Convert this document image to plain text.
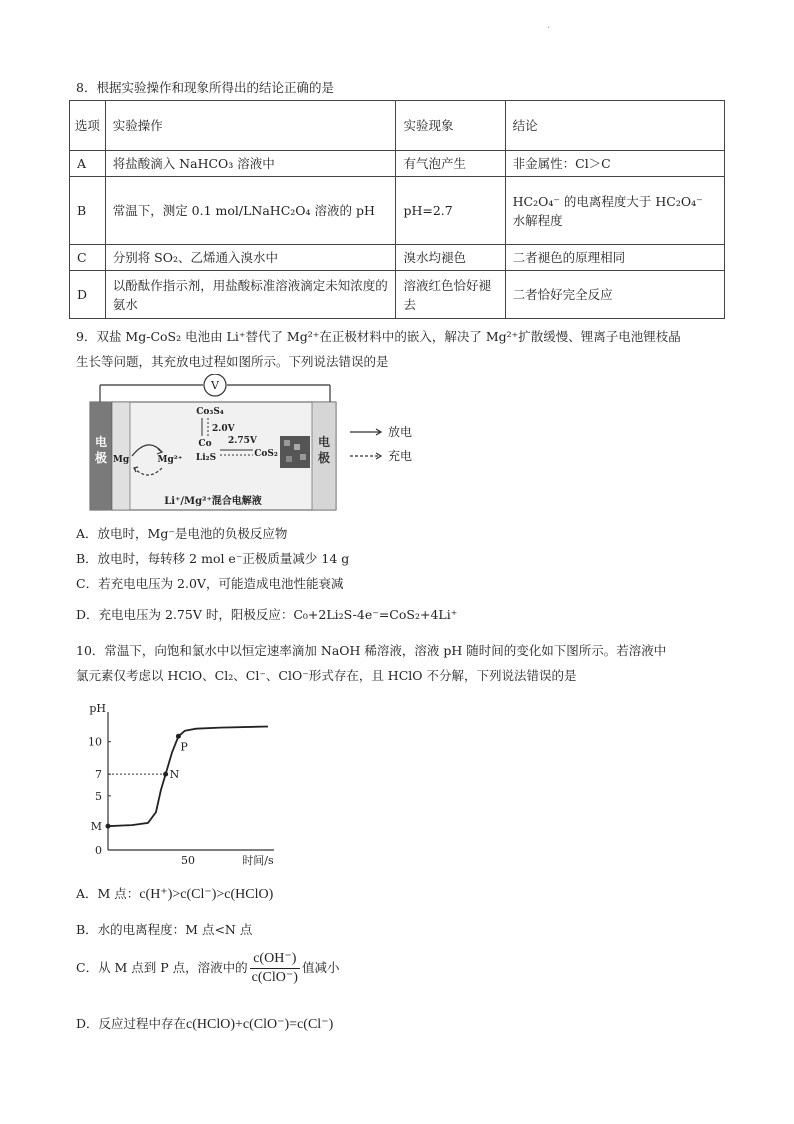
.
8．根据实验操作和现象所得出的结论正确的是
选项	实验操作	实验现象	结论
A	将盐酸滴入 NaHCO₃ 溶液中	有气泡产生	非金属性：Cl＞C
B	常温下，测定 0.1 mol/LNaHC₂O₄ 溶液的 pH	pH=2.7	HC₂O₄⁻ 的电离程度大于 HC₂O₄⁻ 水解程度
C	分别将 SO₂、乙烯通入溴水中	溴水均褪色	二者褪色的原理相同
D	以酚酞作指示剂，用盐酸标准溶液滴定未知浓度的氨水	溶液红色恰好褪去	二者恰好完全反应
9．双盐 Mg-CoS₂ 电池由 Li⁺替代了 Mg²⁺在正极材料中的嵌入，解决了 Mg²⁺扩散缓慢、锂离子电池锂枝晶
生长等问题，其充放电过程如图所示。下列说法错误的是
V
电
极
电
极
Mg	Mg²⁺
Co₃S₄
2.0V
Co 2.75V
Li₂S	CoS₂
Li⁺/Mg²⁺混合电解液
放电
充电
A．放电时，Mg⁻是电池的负极反应物
B．放电时，每转移 2 mol e⁻正极质量减少 14 g
C．若充电电压为 2.0V，可能造成电池性能衰减
D．充电电压为 2.75V 时，阳极反应：C₀+2Li₂S-4e⁻=CoS₂+4Li⁺
10．常温下，向饱和氯水中以恒定速率滴加 NaOH 稀溶液，溶液 pH 随时间的变化如下图所示。若溶液中
氯元素仅考虑以 HClO、Cl₂、Cl⁻、ClO⁻形式存在，且 HClO 不分解，下列说法错误的是
pH
时间/s
0
5
7
10
50
N
P
M
A．M 点：c(H⁺)>c(Cl⁻)>c(HClO)
B．水的电离程度：M 点<N 点
C．从 M 点到 P 点，溶液中的 $\frac{c(OH^-)}{\text{c(ClO⁻)}}$ 值减小
D．反应过程中存在c(HClO)+c(ClO⁻)=c(Cl⁻)
